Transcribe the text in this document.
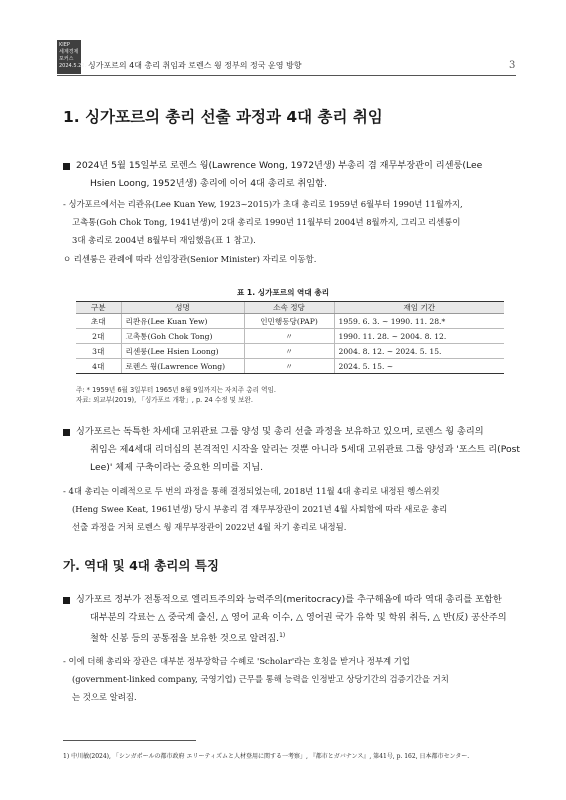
KIEP
세계경제
포커스
2024.5.22. 싱가포르의 4대 총리 취임과 로렌스 웡 정부의 정국 운영 방향	3
1. 싱가포르의 총리 선출 과정과 4대 총리 취임
2024년 5월 15일부로 로렌스 웡(Lawrence Wong, 1972년생) 부총리 겸 재무부장관이 리센룽(Lee
Hsien Loong, 1952년생) 총리에 이어 4대 총리로 취임함.
- 싱가포르에서는 리콴유(Lee Kuan Yew, 1923~2015)가 초대 총리로 1959년 6월부터 1990년 11월까지,
고촉통(Goh Chok Tong, 1941년생)이 2대 총리로 1990년 11월부터 2004년 8월까지, 그리고 리센룽이
3대 총리로 2004년 8월부터 재임했음(표 1 참고).
ㅇ 리센룽은 관례에 따라 선임장관(Senior Minister) 자리로 이동함.
표 1. 싱가포르의 역대 총리
구분	성명	소속 정당	재임 기간
초대	리콴유(Lee Kuan Yew)	인민행동당(PAP)	1959. 6. 3. ~ 1990. 11. 28.*
2대	고촉통(Goh Chok Tong)	〃	1990. 11. 28. ~ 2004. 8. 12.
3대	리센룽(Lee Hsien Loong)	〃	2004. 8. 12. ~ 2024. 5. 15.
4대	로렌스 웡(Lawrence Wong)	〃	2024. 5. 15. ~
주: * 1959년 6월 3일부터 1965년 8월 9일까지는 자치주 총리 역임.
자료: 외교부(2019), 「싱가포르 개황」, p. 24 수정 및 보완.
싱가포르는 독특한 차세대 고위관료 그룹 양성 및 총리 선출 과정을 보유하고 있으며, 로렌스 웡 총리의
취임은 제4세대 리더십의 본격적인 시작을 알리는 것뿐 아니라 5세대 고위관료 그룹 양성과 '포스트 리(Post
Lee)' 체제 구축이라는 중요한 의미를 지님.
- 4대 총리는 이례적으로 두 번의 과정을 통해 결정되었는데, 2018년 11월 4대 총리로 내정된 헹스위킷
(Heng Swee Keat, 1961년생) 당시 부총리 겸 재무부장관이 2021년 4월 사퇴함에 따라 새로운 총리
선출 과정을 거쳐 로렌스 웡 재무부장관이 2022년 4월 차기 총리로 내정됨.
가. 역대 및 4대 총리의 특징
싱가포르 정부가 전통적으로 엘리트주의와 능력주의(meritocracy)를 추구해옴에 따라 역대 총리를 포함한
대부분의 각료는 △ 중국계 출신, △ 영어 교육 이수, △ 영어권 국가 유학 및 학위 취득, △ 반(反) 공산주의
철학 신봉 등의 공통점을 보유한 것으로 알려짐.$^{1)}$
- 이에 더해 총리와 장관은 대부분 정부장학금 수혜로 'Scholar'라는 호칭을 받거나 정부계 기업
(government-linked company, 국영기업) 근무를 통해 능력을 인정받고 상당기간의 검증기간을 거치
는 것으로 알려짐.
1) 中川敏(2024), 「シンガポールの都市政府 エリーティズムと人材登用に関する一考察」, 『都市とガバナンス』, 第41号, p. 162, 日本都市センター.
